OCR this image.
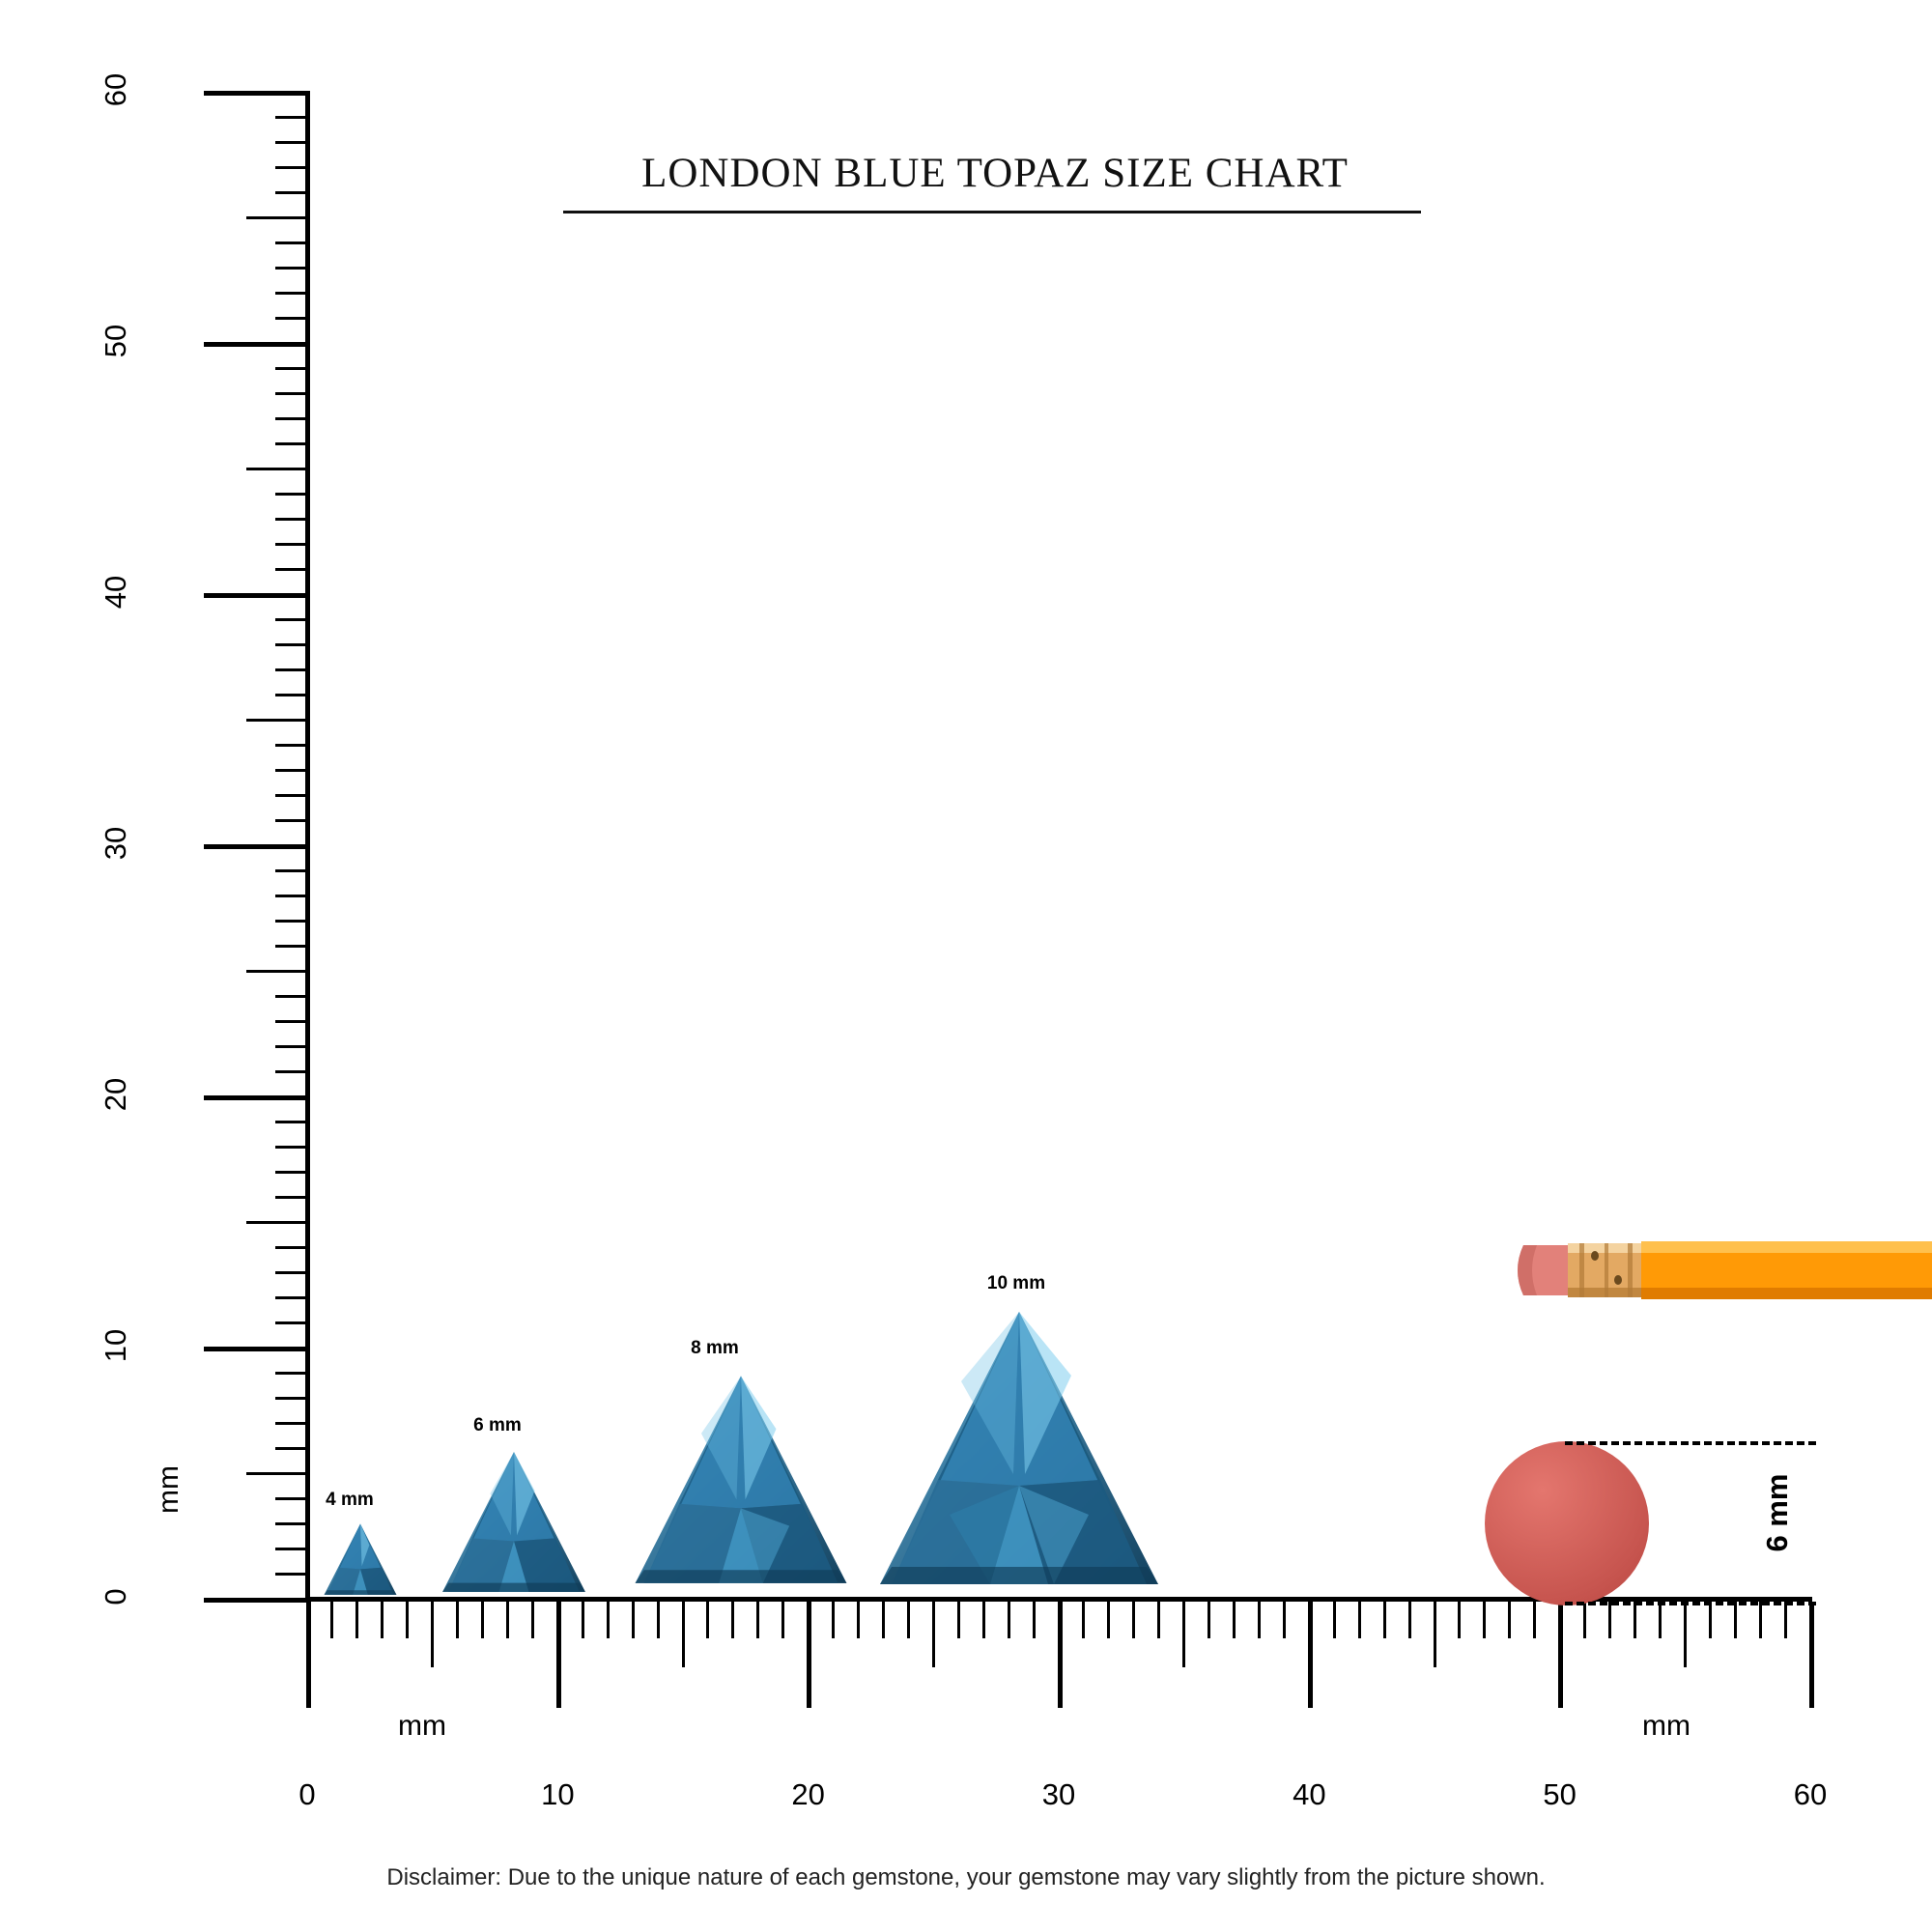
LONDON BLUE TOPAZ SIZE CHART
0
10
20
30
40
50
60
mm
0	10	20	30	40	50	60
mm	mm
4 mm
6 mm
8 mm
10 mm
6 mm
Disclaimer: Due to the unique nature of each gemstone, your gemstone may vary slightly from the picture shown.
